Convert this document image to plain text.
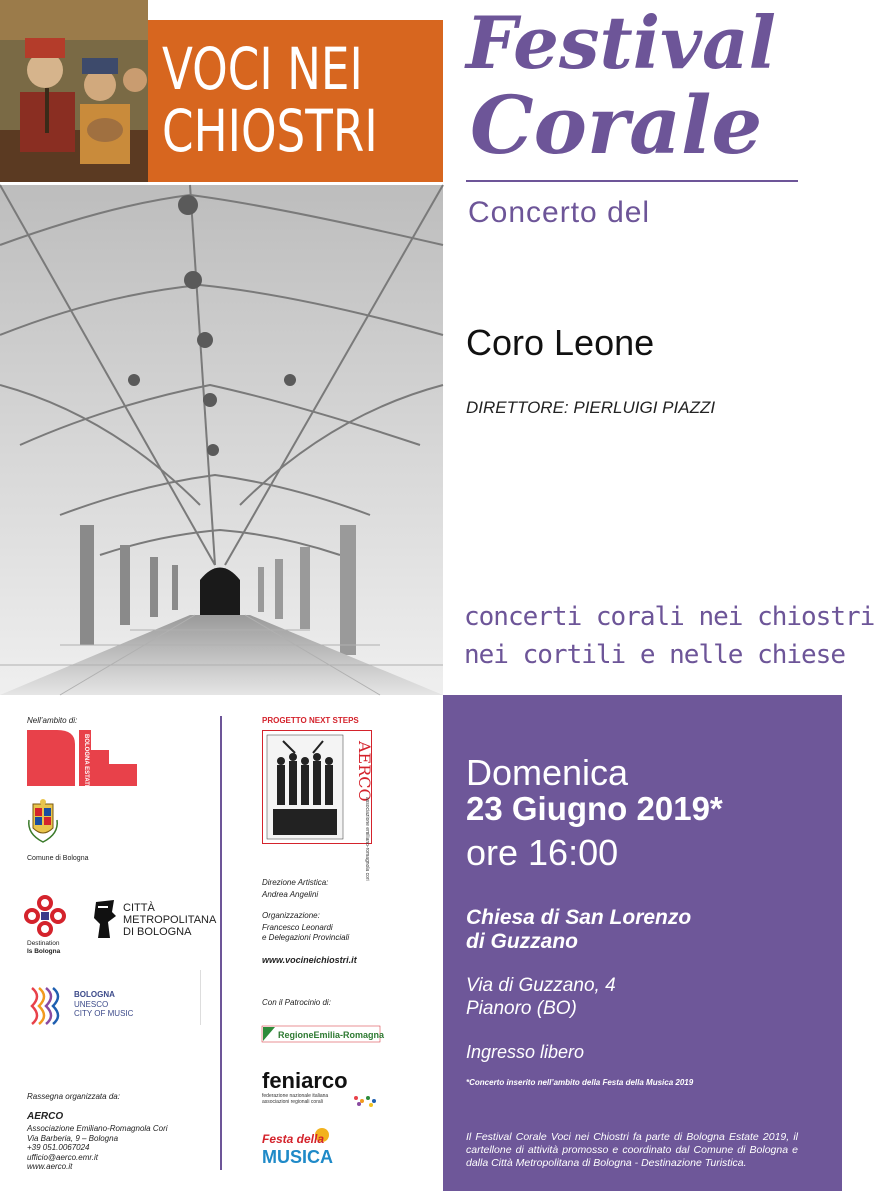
VOCI NEI
CHIOSTRI
Festival
Corale
Concerto del
Coro Leone
DIRETTORE: PIERLUIGI PIAZZI
concerti corali nei chiostri
nei cortili e nelle chiese
Domenica
23 Giugno 2019*
ore 16:00
Chiesa di San Lorenzo
di Guzzano
Via di Guzzano, 4
Pianoro (BO)
Ingresso libero
*Concerto inserito nell’ambito della Festa della Musica 2019
Il Festival Corale Voci nei Chiostri fa parte di Bologna Estate 2019, il cartellone di attività promosso e coordinato dal Comune di Bologna e dalla Città Metropolitana di Bologna - Destinazione Turistica.
Nell’ambito di:
BOLOGNA ESTATE
Comune di Bologna
Destination
Is Bologna
CITTÀ
METROPOLITANA
DI BOLOGNA
BOLOGNA
UNESCO
CITY OF MUSIC
Rassegna organizzata da:
AERCO
Associazione Emiliano-Romagnola Cori
Via Barberia, 9 – Bologna
+39 051.0067024
ufficio@aerco.emr.it
www.aerco.it
PROGETTO NEXT STEPS
AERCO
associazione emiliano-romagnola cori
Direzione Artistica:
Andrea Angelini
Organizzazione:
Francesco Leonardi
e Delegazioni Provinciali
www.vocineichiostri.it
Con il Patrocinio di:
RegioneEmilia-Romagna
feniarco
federazione nazionale italiana
associazioni regionali corali
Festa della
MUSICA
